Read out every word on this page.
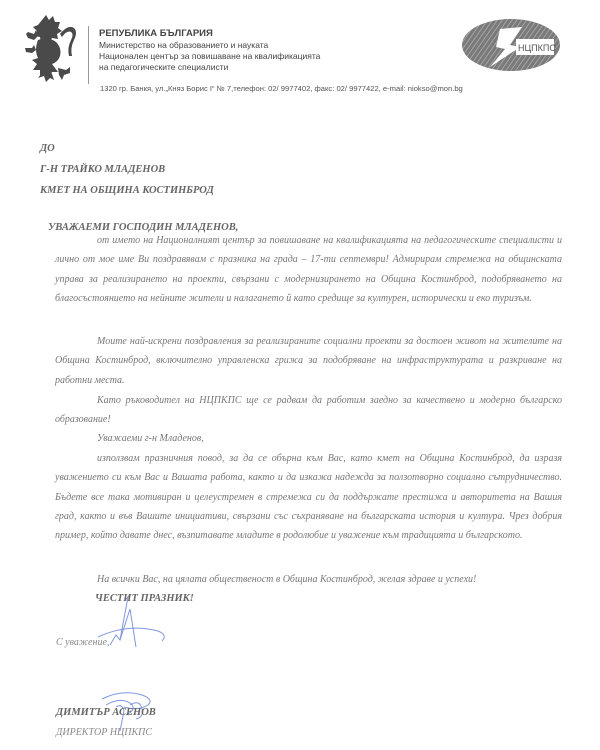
РЕПУБЛИКА БЪЛГАРИЯ
Министерство на образованието и науката
Национален център за повишаване на квалификацията
на педагогическите специалисти
1320 гр. Банкя, ул.„Княз Борис I“ № 7,телефон: 02/ 9977402, факс: 02/ 9977422, e-mail: niokso@mon.bg
НЦПКПС
ДО
Г-Н ТРАЙКО МЛАДЕНОВ
КМЕТ НА ОБЩИНА КОСТИНБРОД
УВАЖАЕМИ ГОСПОДИН МЛАДЕНОВ,

от името на Националният център за повишаване на квалификацията на педагогическите специалисти и лично от мое име Ви поздравявам с празника на града – 17-ти септември! Адмирирам стремежа на общинската управа за реализирането на проекти, свързани с модернизирането на Община Костинброд, подобряването на благосъстоянието на нейните жители и налагането й като средище за културен, исторически и еко туризъм.

Моите най-искрени поздравления за реализираните социални проекти за достоен живот на жителите на Община Костинброд, включително управленска грижа за подобряване на инфраструктурата и разкриване на работни места.

Като ръководител на НЦПКПС ще се радвам да работим заедно за качествено и модерно българско образование!

Уважаеми г-н Младенов,

използвам празничния повод, за да се обърна към Вас, като кмет на Община Костинброд, да изразя уважението си към Вас и Вашата работа, както и да изкажа надежда за ползотворно социално сътрудничество. Бъдете все така мотивиран и целеустремен в стремежа си да поддържате престижа и авторитета на Вашия град, както и във Вашите инициативи, свързани със съхраняване на българската история и култура. Чрез добрия пример, който давате днес, възпитавате младите в родолюбие и уважение към традицията и българското.

На всички Вас, на цялата общественост в Община Костинброд, желая здраве и успехи!

ЧЕСТИТ ПРАЗНИК!
С уважение,
ДИМИТЪР АСЕНОВ
ДИРЕКТОР НЦПКПС
